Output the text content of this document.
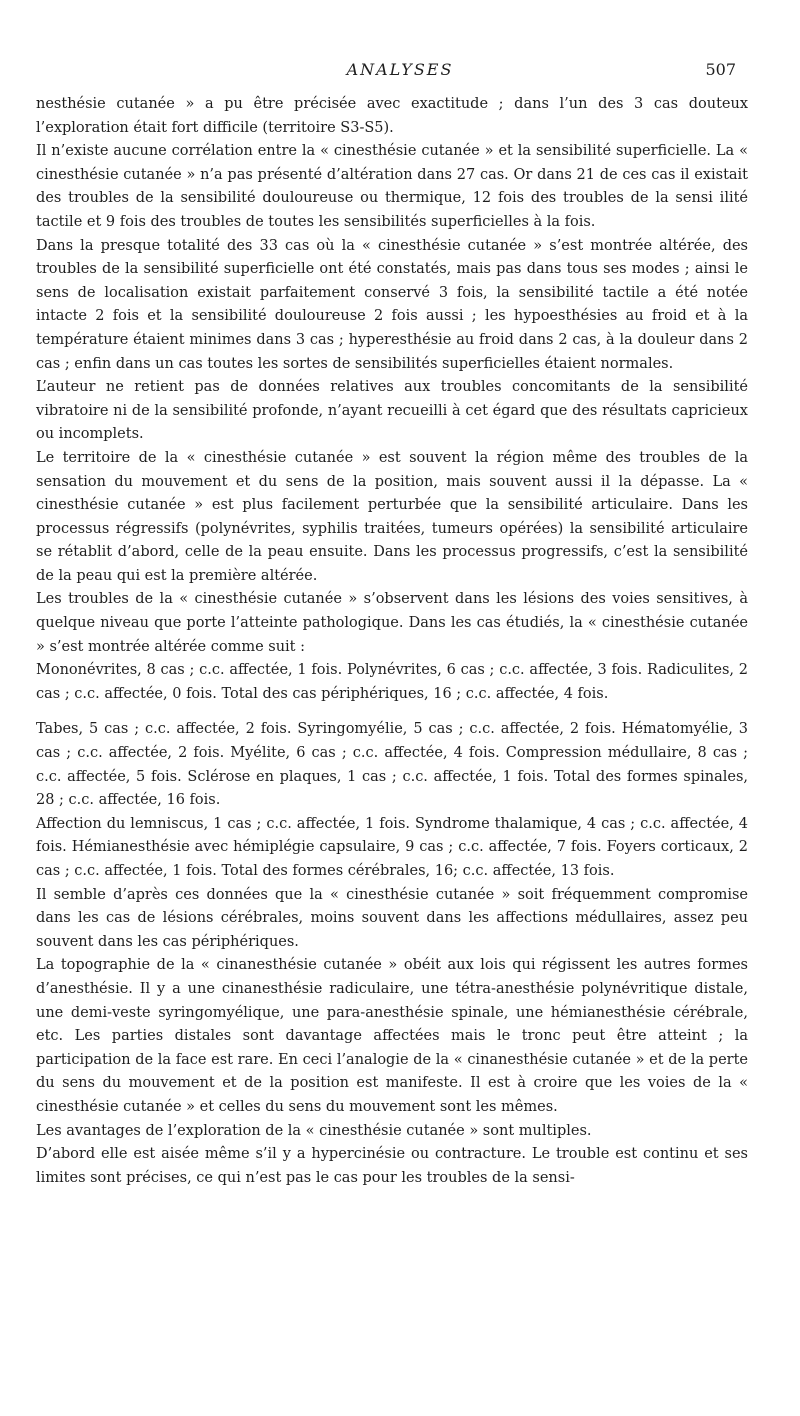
ANALYSES	507

nesthésie cutanée » a pu être précisée avec exactitude ; dans l’un des 3 cas douteux l’exploration était fort difficile (territoire S3-S5).

Il n’existe aucune corrélation entre la « cinesthésie cutanée » et la sensibilité superficielle. La « cinesthésie cutanée » n’a pas présenté d’altération dans 27 cas. Or dans 21 de ces cas il existait des troubles de la sensibilité douloureuse ou thermique, 12 fois des troubles de la sensi ilité tactile et 9 fois des troubles de toutes les sensibilités superficielles à la fois.

Dans la presque totalité des 33 cas où la « cinesthésie cutanée » s’est montrée altérée, des troubles de la sensibilité superficielle ont été constatés, mais pas dans tous ses modes ; ainsi le sens de localisation existait parfaitement conservé 3 fois, la sensibilité tactile a été notée intacte 2 fois et la sensibilité douloureuse 2 fois aussi ; les hypoesthésies au froid et à la température étaient minimes dans 3 cas ; hyperesthésie au froid dans 2 cas, à la douleur dans 2 cas ; enfin dans un cas toutes les sortes de sensibilités superficielles étaient normales.

L’auteur ne retient pas de données relatives aux troubles concomitants de la sensibilité vibratoire ni de la sensibilité profonde, n’ayant recueilli à cet égard que des résultats capricieux ou incomplets.

Le territoire de la « cinesthésie cutanée » est souvent la région même des troubles de la sensation du mouvement et du sens de la position, mais souvent aussi il la dépasse. La « cinesthésie cutanée » est plus facilement perturbée que la sensibilité articulaire. Dans les processus régressifs (polynévrites, syphilis traitées, tumeurs opérées) la sensibilité articulaire se rétablit d’abord, celle de la peau ensuite. Dans les processus progressifs, c’est la sensibilité de la peau qui est la première altérée.

Les troubles de la « cinesthésie cutanée » s’observent dans les lésions des voies sensitives, à quelque niveau que porte l’atteinte pathologique. Dans les cas étudiés, la « cinesthésie cutanée » s’est montrée altérée comme suit :

Mononévrites, 8 cas ; c.c. affectée, 1 fois. Polynévrites, 6 cas ; c.c. affectée, 3 fois. Radiculites, 2 cas ; c.c. affectée, 0 fois. Total des cas périphériques, 16 ; c.c. affectée, 4 fois.

Tabes, 5 cas ; c.c. affectée, 2 fois. Syringomyélie, 5 cas ; c.c. affectée, 2 fois. Hématomyélie, 3 cas ; c.c. affectée, 2 fois. Myélite, 6 cas ; c.c. affectée, 4 fois. Compression médullaire, 8 cas ; c.c. affectée, 5 fois. Sclérose en plaques, 1 cas ; c.c. affectée, 1 fois. Total des formes spinales, 28 ; c.c. affectée, 16 fois.

Affection du lemniscus, 1 cas ; c.c. affectée, 1 fois. Syndrome thalamique, 4 cas ; c.c. affectée, 4 fois. Hémianesthésie avec hémiplégie capsulaire, 9 cas ; c.c. affectée, 7 fois. Foyers corticaux, 2 cas ; c.c. affectée, 1 fois. Total des formes cérébrales, 16; c.c. affectée, 13 fois.

Il semble d’après ces données que la « cinesthésie cutanée » soit fréquemment compromise dans les cas de lésions cérébrales, moins souvent dans les affections médullaires, assez peu souvent dans les cas périphériques.

La topographie de la « cinanesthésie cutanée » obéit aux lois qui régissent les autres formes d’anesthésie. Il y a une cinanesthésie radiculaire, une tétra-anesthésie polynévritique distale, une demi-veste syringomyélique, une para-anesthésie spinale, une hémianesthésie cérébrale, etc. Les parties distales sont davantage affectées mais le tronc peut être atteint ; la participation de la face est rare. En ceci l’analogie de la « cinanesthésie cutanée » et de la perte du sens du mouvement et de la position est manifeste. Il est à croire que les voies de la « cinesthésie cutanée » et celles du sens du mouvement sont les mêmes.

Les avantages de l’exploration de la « cinesthésie cutanée » sont multiples.

D’abord elle est aisée même s’il y a hypercinésie ou contracture. Le trouble est continu et ses limites sont précises, ce qui n’est pas le cas pour les troubles de la sensi-
